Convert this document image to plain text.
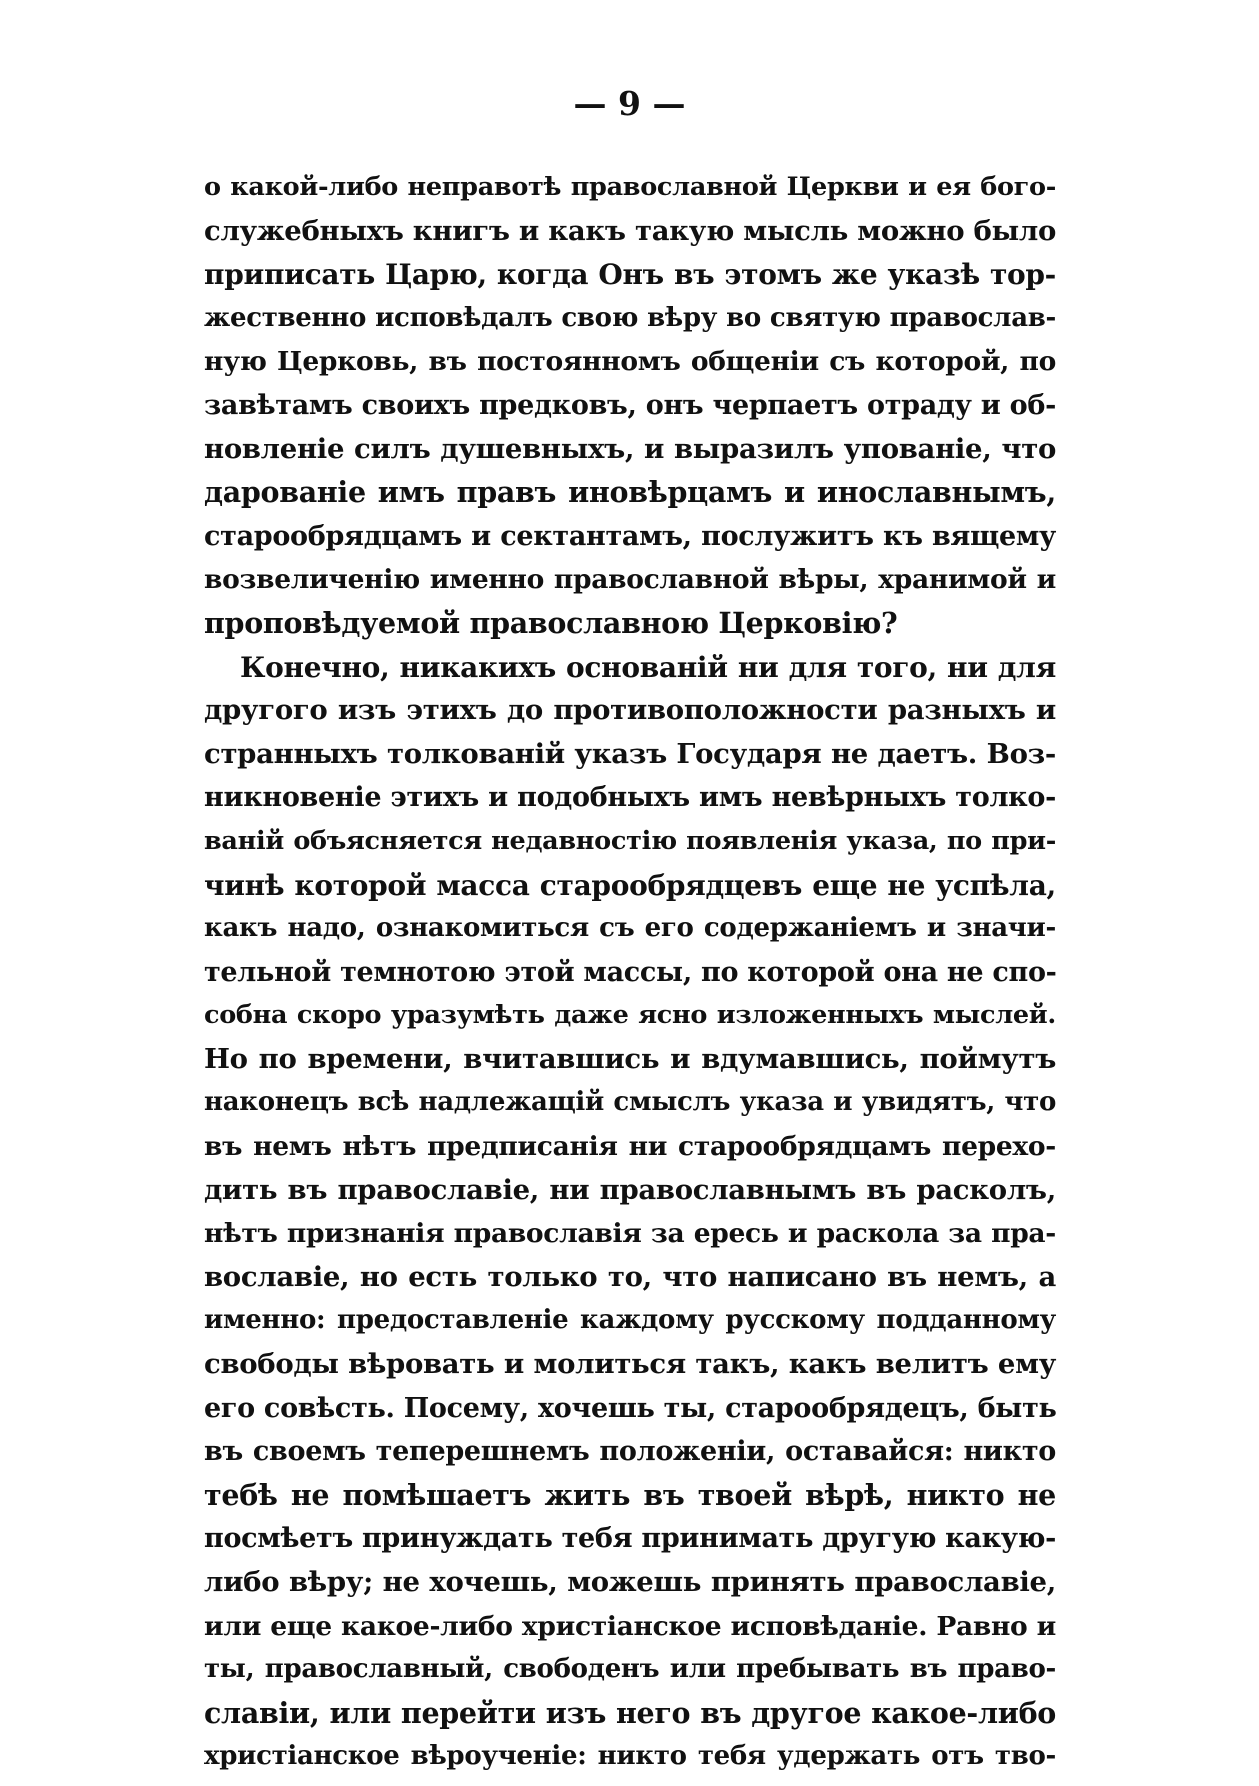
— 9 —
о какой-либо неправотѣ православной Церкви и ея бого-
служебныхъ книгъ и какъ такую мысль можно было
приписать Царю, когда Онъ въ этомъ же указѣ тор-
жественно исповѣдалъ свою вѣру во святую православ-
ную Церковь, въ постоянномъ общеніи съ которой, по
завѣтамъ своихъ предковъ, онъ черпаетъ отраду и об-
новленіе силъ душевныхъ, и выразилъ упованіе, что
дарованіе имъ правъ иновѣрцамъ и инославнымъ,
старообрядцамъ и сектантамъ, послужитъ къ вящему
возвеличенію именно православной вѣры, хранимой и
проповѣдуемой православною Церковію?
Конечно, никакихъ основаній ни для того, ни для
другого изъ этихъ до противоположности разныхъ и
странныхъ толкованій указъ Государя не даетъ. Воз-
никновеніе этихъ и подобныхъ имъ невѣрныхъ толко-
ваній объясняется недавностію появленія указа, по при-
чинѣ которой масса старообрядцевъ еще не успѣла,
какъ надо, ознакомиться съ его содержаніемъ и значи-
тельной темнотою этой массы, по которой она не спо-
собна скоро уразумѣть даже ясно изложенныхъ мыслей.
Но по времени, вчитавшись и вдумавшись, поймутъ
наконецъ всѣ надлежащій смыслъ указа и увидятъ, что
въ немъ нѣтъ предписанія ни старообрядцамъ перехо-
дить въ православіе, ни православнымъ въ расколъ,
нѣтъ признанія православія за ересь и раскола за пра-
вославіе, но есть только то, что написано въ немъ, а
именно: предоставленіе каждому русскому подданному
свободы вѣровать и молиться такъ, какъ велитъ ему
его совѣсть. Посему, хочешь ты, старообрядецъ, быть
въ своемъ теперешнемъ положеніи, оставайся: никто
тебѣ не помѣшаетъ жить въ твоей вѣрѣ, никто не
посмѣетъ принуждать тебя принимать другую какую-
либо вѣру; не хочешь, можешь принять православіе,
или еще какое-либо христіанское исповѣданіе. Равно и
ты, православный, свободенъ или пребывать въ право-
славіи, или перейти изъ него въ другое какое-либо
христіанское вѣроученіе: никто тебя удержать отъ тво-
